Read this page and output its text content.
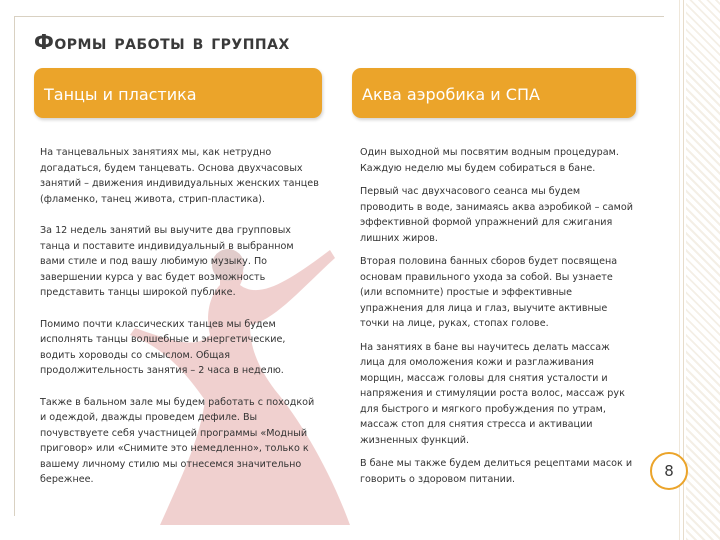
Формы работы в группах
Танцы и пластика	Аква аэробика и СПА

На танцевальных занятиях мы, как нетрудно догадаться, будем танцевать. Основа двухчасовых занятий – движения индивидуальных женских танцев (фламенко, танец живота, стрип-пластика).

За 12 недель занятий вы выучите два групповых танца и поставите индивидуальный в выбранном вами стиле и под вашу любимую музыку. По завершении курса у вас будет возможность представить танцы широкой публике.

Помимо почти классических танцев мы будем исполнять танцы волшебные и энергетические, водить хороводы со смыслом. Общая продолжительность занятия – 2 часа в неделю.

Также в бальном зале мы будем работать с походкой и одеждой, дважды проведем дефиле. Вы почувствуете себя участницей программы «Модный приговор» или «Снимите это немедленно», только к вашему личному стилю мы отнесемся значительно бережнее.

Один выходной мы посвятим водным процедурам. Каждую неделю мы будем собираться в бане.

Первый час двухчасового сеанса мы будем проводить в воде, занимаясь аква аэробикой – самой эффективной формой упражнений для сжигания лишних жиров.

Вторая половина банных сборов будет посвящена основам правильного ухода за собой. Вы узнаете (или вспомните) простые и эффективные упражнения для лица и глаз, выучите активные точки на лице, руках, стопах голове.

На занятиях в бане вы научитесь делать массаж лица для омоложения кожи и разглаживания морщин, массаж головы для снятия усталости и напряжения и стимуляции роста волос, массаж рук для быстрого и мягкого пробуждения по утрам, массаж стоп для снятия стресса и активации жизненных функций.

В бане мы также будем делиться рецептами масок и говорить о здоровом питании.	8
